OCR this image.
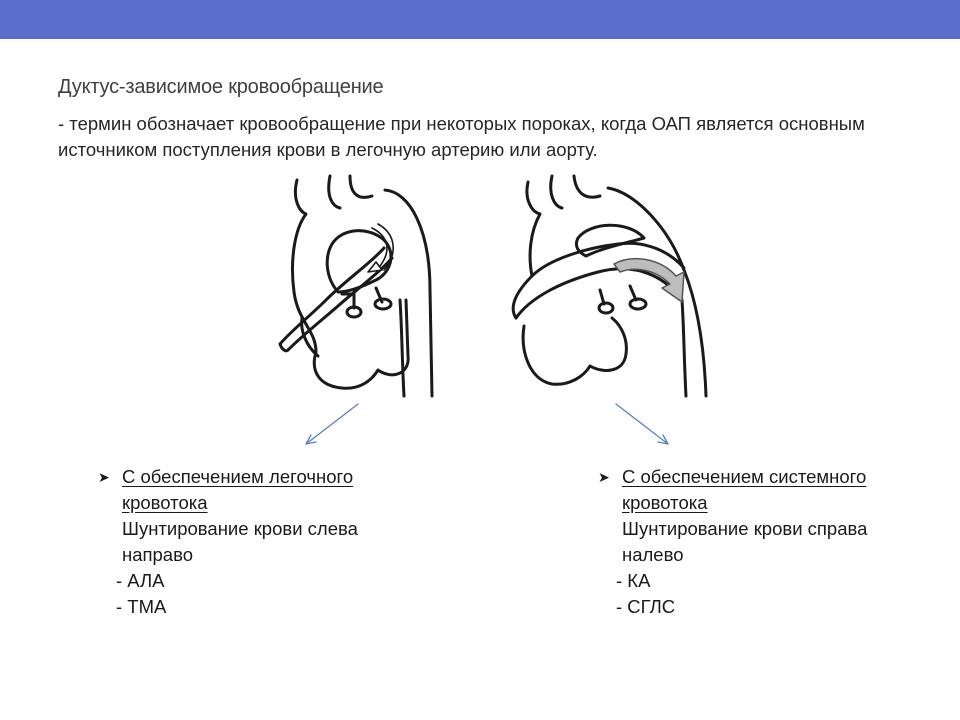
Дуктус-зависимое кровообращение
- термин обозначает кровообращение при некоторых пороках, когда ОАП является основным источником поступления крови в легочную артерию или аорту.
➤ С обеспечением легочного
кровотока
Шунтирование крови слева
направо
- АЛА
- ТМА
➤ С обеспечением системного
кровотока
Шунтирование крови справа
налево
- КА
- СГЛС
